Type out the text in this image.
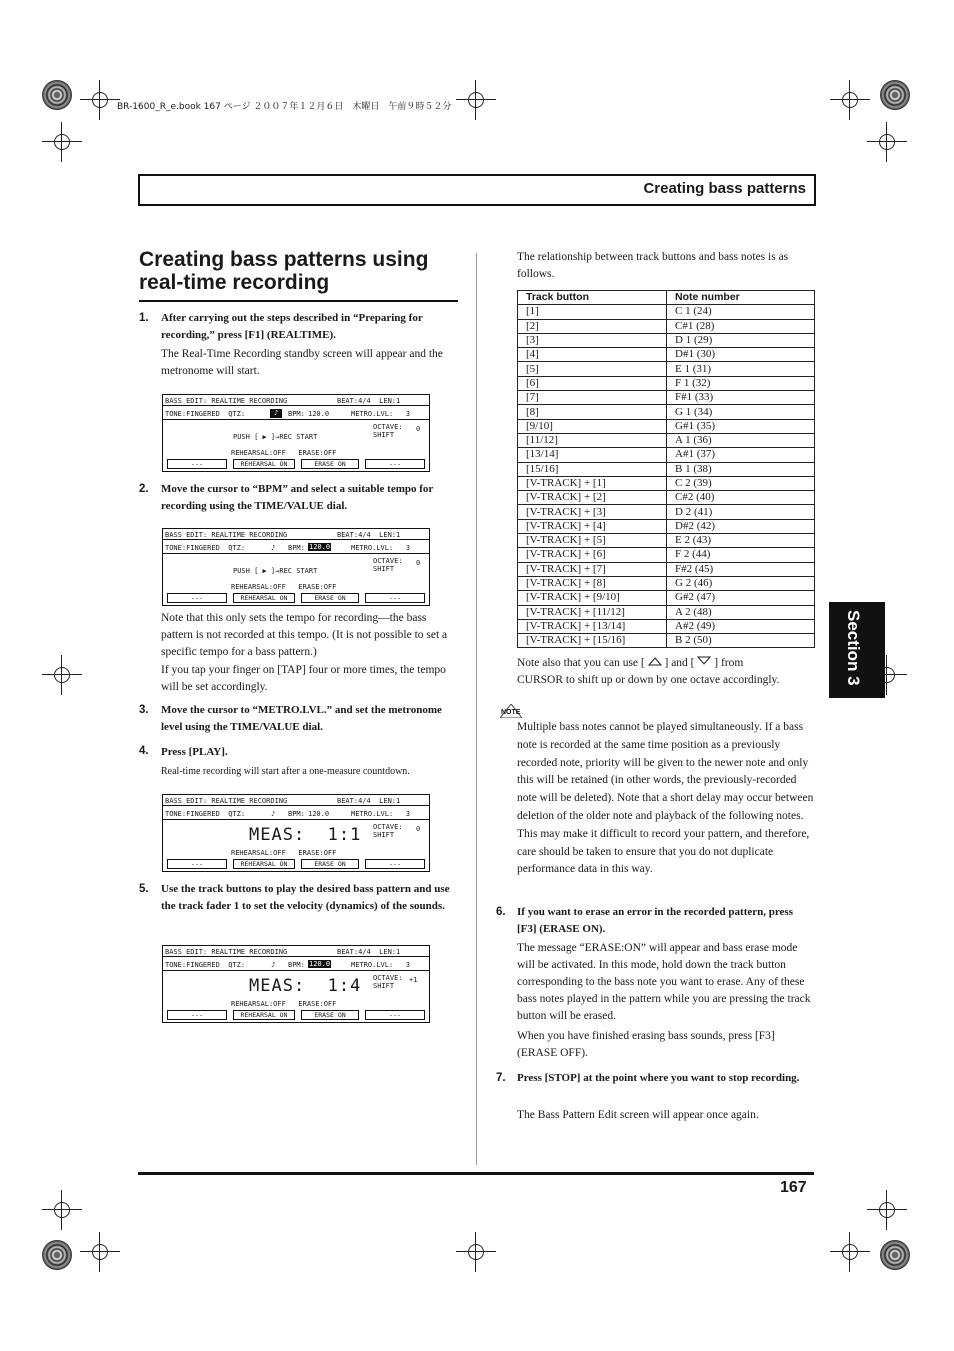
BR-1600_R_e.book 167 ページ ２００７年１２月６日　木曜日　午前９時５２分
Creating bass patterns
Creating bass patterns using real-time recording
1. After carrying out the steps described in “Preparing for recording,” press [F1] (REALTIME).
The Real-Time Recording standby screen will appear and the metronome will start.
BASS EDIT: REALTIME RECORDING	BEAT:4/4  LEN:1
TONE:FINGERED  QTZ:	♪	BPM: 120.0	METRO.LVL:   3
OCTAVE:
SHIFT
0
PUSH [ ▶ ]→REC START
REHEARSAL:OFF   ERASE:OFF
---	REHEARSAL ON	ERASE ON	---
2. Move the cursor to “BPM” and select a suitable tempo for recording using the TIME/VALUE dial.
BASS EDIT: REALTIME RECORDING	BEAT:4/4  LEN:1
TONE:FINGERED  QTZ:	♪ BPM: 120.0	METRO.LVL:   3
OCTAVE:
SHIFT
0
PUSH [ ▶ ]→REC START
REHEARSAL:OFF   ERASE:OFF
---	REHEARSAL ON	ERASE ON	---
Note that this only sets the tempo for recording—the bass pattern is not recorded at this tempo. (It is not possible to set a specific tempo for a bass pattern.)
If you tap your finger on [TAP] four or more times, the tempo will be set accordingly.
3. Move the cursor to “METRO.LVL.” and set the metronome level using the TIME/VALUE dial.
4. Press [PLAY].
Real-time recording will start after a one-measure countdown.
BASS EDIT: REALTIME RECORDING	BEAT:4/4  LEN:1
TONE:FINGERED  QTZ:	♪ BPM: 120.0	METRO.LVL:   3
OCTAVE:
SHIFT
0
MEAS:  1:1
REHEARSAL:OFF   ERASE:OFF
---	REHEARSAL ON	ERASE ON	---
5. Use the track buttons to play the desired bass pattern and use the track fader 1 to set the velocity (dynamics) of the sounds.
BASS EDIT: REALTIME RECORDING	BEAT:4/4  LEN:1
TONE:FINGERED  QTZ:	♪ BPM: 120.0	METRO.LVL:   3
OCTAVE:
SHIFT
+1
MEAS:  1:4
REHEARSAL:OFF   ERASE:OFF
---	REHEARSAL ON	ERASE ON	---
The relationship between track buttons and bass notes is as follows.
Track button	Note number
[1]	C 1 (24)
[2]	C#1 (28)
[3]	D 1 (29)
[4]	D#1 (30)
[5]	E 1 (31)
[6]	F 1 (32)
[7]	F#1 (33)
[8]	G 1 (34)
[9/10]	G#1 (35)
[11/12]	A 1 (36)
[13/14]	A#1 (37)
[15/16]	B 1 (38)
[V-TRACK] + [1]	C 2 (39)
[V-TRACK] + [2]	C#2 (40)
[V-TRACK] + [3]	D 2 (41)
[V-TRACK] + [4]	D#2 (42)
[V-TRACK] + [5]	E 2 (43)
[V-TRACK] + [6]	F 2 (44)
[V-TRACK] + [7]	F#2 (45)
[V-TRACK] + [8]	G 2 (46)
[V-TRACK] + [9/10]	G#2 (47)
[V-TRACK] + [11/12]	A 2 (48)
[V-TRACK] + [13/14]	A#2 (49)
[V-TRACK] + [15/16]	B 2 (50)
Note also that you can use [ ] and [ ] from
CURSOR to shift up or down by one octave accordingly.
NOTE
Multiple bass notes cannot be played simultaneously. If a bass note is recorded at the same time position as a previously recorded note, priority will be given to the newer note and only this will be retained (in other words, the previously-recorded note will be deleted). Note that a short delay may occur between deletion of the older note and playback of the following notes. This may make it difficult to record your pattern, and therefore, care should be taken to ensure that you do not duplicate performance data in this way.
6. If you want to erase an error in the recorded pattern, press [F3] (ERASE ON).
The message “ERASE:ON” will appear and bass erase mode will be activated. In this mode, hold down the track button corresponding to the bass note you want to erase. Any of these bass notes played in the pattern while you are pressing the track button will be erased.
When you have finished erasing bass sounds, press [F3] (ERASE OFF).
7. Press [STOP] at the point where you want to stop recording.
The Bass Pattern Edit screen will appear once again.
Section 3
167
